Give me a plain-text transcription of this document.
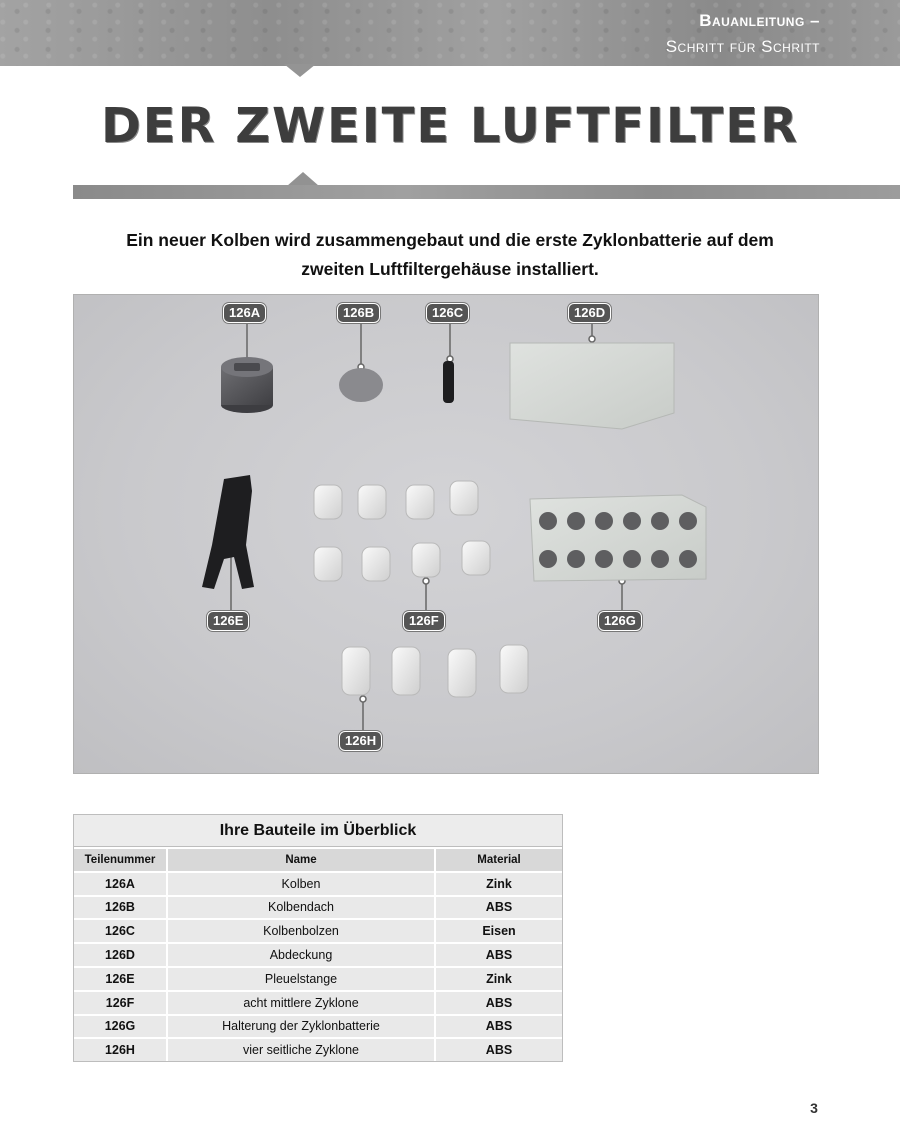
Bauanleitung –
Schritt für Schritt
DER ZWEITE LUFTFILTER
Ein neuer Kolben wird zusammengebaut und die erste Zyklonbatterie auf dem
zweiten Luftfiltergehäuse installiert.
126A	126B	126C	126D
126E	126F	126G
126H
Ihre Bauteile im Überblick
Teilenummer	Name	Material
126A	Kolben	Zink
126B	Kolbendach	ABS
126C	Kolbenbolzen	Eisen
126D	Abdeckung	ABS
126E	Pleuelstange	Zink
126F	acht mittlere Zyklone	ABS
126G	Halterung der Zyklonbatterie	ABS
126H	vier seitliche Zyklone	ABS
3
